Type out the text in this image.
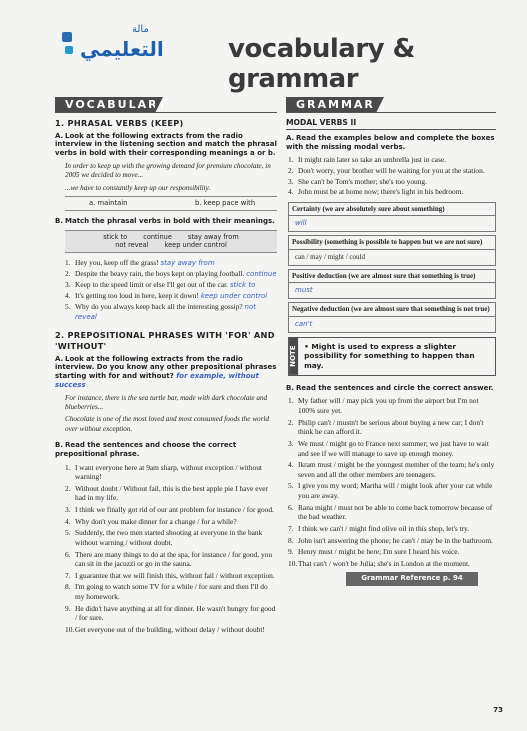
التعليمي
مالة
vocabulary & grammar
VOCABULARY	GRAMMAR
1. PHRASAL VERBS (KEEP)
A. Look at the following extracts from the radio interview in the listening section and match the phrasal verbs in bold with their corresponding meanings a or b.
In order to keep up with the growing demand for premium chocolate, in 2005 we decided to move...
...we have to constantly keep up our responsibility.
a. maintain	b. keep pace with
B. Match the phrasal verbs in bold with their meanings.
stick to continue stay away from
not reveal keep under control
1. Hey you, keep off the grass! stay away from
2. Despite the heavy rain, the boys kept on playing football. continue
3. Keep to the speed limit or else I'll get out of the car. stick to
4. It's getting too loud in here, keep it down! keep under control
5. Why do you always keep back all the interesting gossip? not reveal
2. PREPOSITIONAL PHRASES WITH 'FOR' AND 'WITHOUT'
A. Look at the following extracts from the radio interview. Do you know any other prepositional phrases starting with for and without? for example, without success
For instance, there is the sea turtle bar, made with dark chocolate and blueberries...
Chocolate is one of the most loved and most consumed foods the world over without exception.
B. Read the sentences and choose the correct prepositional phrase.
1. I want everyone here at 9am sharp, without exception / without warning!
2. Without doubt / Without fail, this is the best apple pie I have ever had in my life.
3. I think we finally got rid of our ant problem for instance / for good.
4. Why don't you make dinner for a change / for a while?
5. Suddenly, the two men started shooting at everyone in the bank without warning / without doubt.
6. There are many things to do at the spa, for instance / for good, you can sit in the jacuzzi or go in the sauna.
7. I guarantee that we will finish this, without fail / without exception.
8. I'm going to watch some TV for a while / for sure and then I'll do my homework.
9. He didn't have anything at all for dinner. He wasn't hungry for good / for sure.
10. Get everyone out of the building, without delay / without doubt!
MODAL VERBS II
A. Read the examples below and complete the boxes with the missing modal verbs.
1. It might rain later so take an umbrella just in case.
2. Don't worry, your brother will be waiting for you at the station.
3. She can't be Tom's mother; she's too young.
4. John must be at home now; there's light in his bedroom.
Certainty (we are absolutely sure about something)
will
Possibility (something is possible to happen but we are not sure)
can / may / might / could
Positive deduction (we are almost sure that something is true)
must
Negative deduction (we are almost sure that something is not true)
can't
NOTE • Might is used to express a slighter possibility for something to happen than may.
B. Read the sentences and circle the correct answer.
1. My father will / may pick you up from the airport but I'm not 100% sure yet.
2. Philip can't / mustn't be serious about buying a new car; I don't think he can afford it.
3. We must / might go to France next summer; we just have to wait and see if we will manage to save up enough money.
4. Ikram must / might be the youngest member of the team; he's only seven and all the other members are teenagers.
5. I give you my word; Martha will / might look after your cat while you are away.
6. Rana might / must not be able to come back tomorrow because of the bad weather.
7. I think we can't / might find olive oil in this shop, let's try.
8. John isn't answering the phone; he can't / may be in the bathroom.
9. Henry must / might be here; I'm sure I heard his voice.
10. That can't / won't be Julia; she's in London at the moment.
Grammar Reference p. 94
73
